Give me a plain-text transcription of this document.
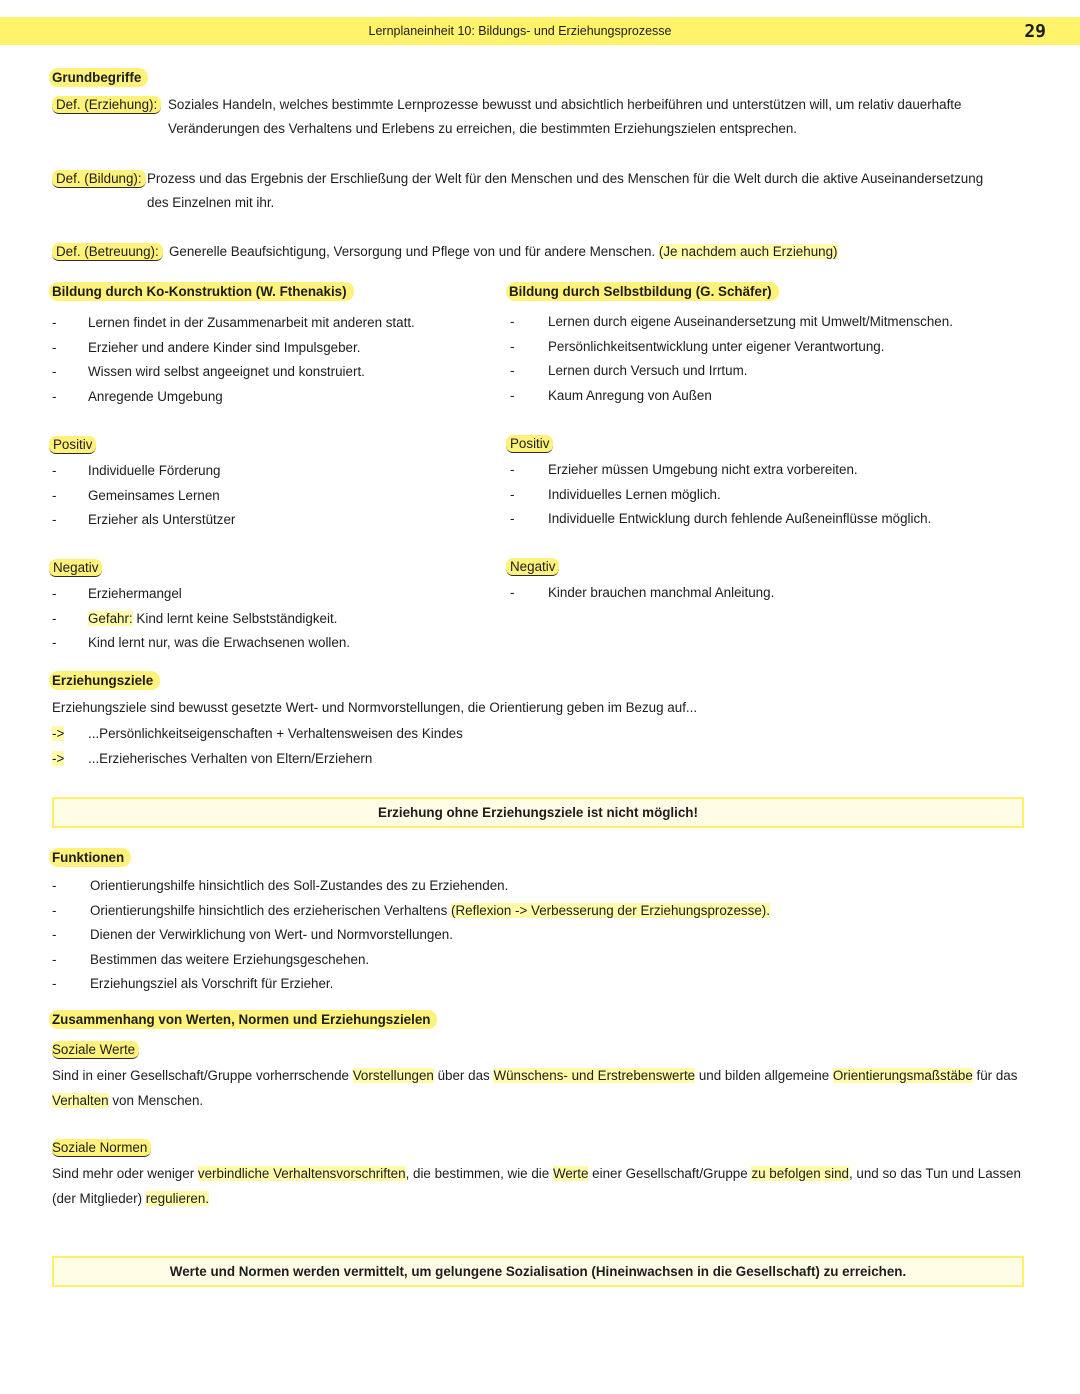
Lernplaneinheit 10: Bildungs- und Erziehungsprozesse	29
Grundbegriffe
Def. (Erziehung): Soziales Handeln, welches bestimmte Lernprozesse bewusst und absichtlich herbeiführen und unterstützen will, um relativ dauerhafte Veränderungen des Verhaltens und Erlebens zu erreichen, die bestimmten Erziehungszielen entsprechen.
Def. (Bildung): Prozess und das Ergebnis der Erschließung der Welt für den Menschen und des Menschen für die Welt durch die aktive Auseinandersetzung des Einzelnen mit ihr.
Def. (Betreuung): Generelle Beaufsichtigung, Versorgung und Pflege von und für andere Menschen. (Je nachdem auch Erziehung)
Bildung durch Ko-Konstruktion (W. Fthenakis)
- Lernen findet in der Zusammenarbeit mit anderen statt.
- Erzieher und andere Kinder sind Impulsgeber.
- Wissen wird selbst angeeignet und konstruiert.
- Anregende Umgebung
Positiv
- Individuelle Förderung
- Gemeinsames Lernen
- Erzieher als Unterstützer
Negativ
- Erziehermangel
- Gefahr: Kind lernt keine Selbstständigkeit.
- Kind lernt nur, was die Erwachsenen wollen.
Bildung durch Selbstbildung (G. Schäfer)
- Lernen durch eigene Auseinandersetzung mit Umwelt/Mitmenschen.
- Persönlichkeitsentwicklung unter eigener Verantwortung.
- Lernen durch Versuch und Irrtum.
- Kaum Anregung von Außen
Positiv
- Erzieher müssen Umgebung nicht extra vorbereiten.
- Individuelles Lernen möglich.
- Individuelle Entwicklung durch fehlende Außeneinflüsse möglich.
Negativ
- Kinder brauchen manchmal Anleitung.
Erziehungsziele
Erziehungsziele sind bewusst gesetzte Wert- und Normvorstellungen, die Orientierung geben im Bezug auf...
-> ...Persönlichkeitseigenschaften + Verhaltensweisen des Kindes
-> ...Erzieherisches Verhalten von Eltern/Erziehern
Erziehung ohne Erziehungsziele ist nicht möglich!
Funktionen
- Orientierungshilfe hinsichtlich des Soll-Zustandes des zu Erziehenden.
- Orientierungshilfe hinsichtlich des erzieherischen Verhaltens (Reflexion -> Verbesserung der Erziehungsprozesse).
- Dienen der Verwirklichung von Wert- und Normvorstellungen.
- Bestimmen das weitere Erziehungsgeschehen.
- Erziehungsziel als Vorschrift für Erzieher.
Zusammenhang von Werten, Normen und Erziehungszielen
Soziale Werte
Sind in einer Gesellschaft/Gruppe vorherrschende Vorstellungen über das Wünschens- und Erstrebenswerte und bilden allgemeine Orientierungsmaßstäbe für das Verhalten von Menschen.
Soziale Normen
Sind mehr oder weniger verbindliche Verhaltensvorschriften, die bestimmen, wie die Werte einer Gesellschaft/Gruppe zu befolgen sind, und so das Tun und Lassen (der Mitglieder) regulieren.
Werte und Normen werden vermittelt, um gelungene Sozialisation (Hineinwachsen in die Gesellschaft) zu erreichen.
